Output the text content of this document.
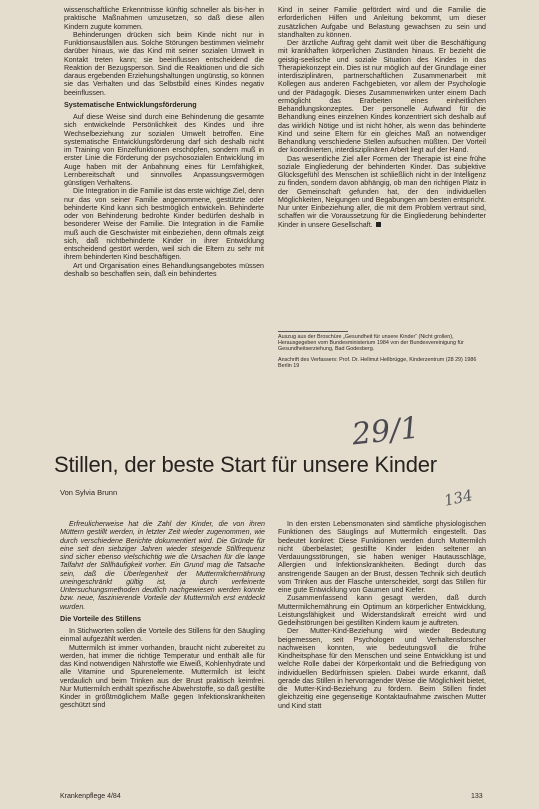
wissenschaftliche Erkenntnisse künftig schneller als bis-her in praktische Maßnahmen umzusetzen, so daß diese allen Kindern zugute kommen.

Behinderungen drücken sich beim Kinde nicht nur in Funktionsausfällen aus. Solche Störungen bestimmen vielmehr darüber hinaus, wie das Kind mit seiner sozialen Umwelt in Kontakt treten kann; sie beeinflussen entscheidend die Reaktion der Bezugsperson. Sind die Reaktionen und die sich daraus ergebenden Erziehungshaltungen ungünstig, so können sie das Verhalten und das Selbstbild eines Kindes negativ beeinflussen.

Systematische Entwicklungsförderung

Auf diese Weise sind durch eine Behinderung die gesamte sich entwickelnde Persönlichkeit des Kindes und ihre Wechselbeziehung zur sozialen Umwelt betroffen. Eine systematische Entwicklungsförderung darf sich deshalb nicht im Training von Einzelfunktionen erschöpfen, sondern muß in erster Linie die Förderung der psychosozialen Entwicklung im Auge haben mit der Anbahnung eines für Lernfähigkeit, Lernbereitschaft und sinnvolles Anpassungsvermögen günstigen Verhaltens.

Die Integration in die Familie ist das erste wichtige Ziel, denn nur das von seiner Familie angenommene, gestützte oder behinderte Kind kann sich bestmöglich entwickeln. Behinderte oder von Behinderung bedrohte Kinder bedürfen deshalb in besonderer Weise der Familie. Die Integration in die Familie muß auch die Geschwister mit einbeziehen, denn oftmals zeigt sich, daß nichtbehinderte Kinder in ihrer Entwicklung entscheidend gestört werden, weil sich die Eltern zu sehr mit ihrem behinderten Kind beschäftigen.

Art und Organisation eines Behandlungsangebotes müssen deshalb so beschaffen sein, daß ein behindertes

Kind in seiner Familie gefördert wird und die Familie die erforderlichen Hilfen und Anleitung bekommt, um dieser zusätzlichen Aufgabe und Belastung gewachsen zu sein und standhalten zu können.

Der ärztliche Auftrag geht damit weit über die Beschäftigung mit krankhaften körperlichen Zuständen hinaus. Er bezieht die geistig-seelische und soziale Situation des Kindes in das Therapiekonzept ein. Dies ist nur möglich auf der Grundlage einer interdisziplinären, partnerschaftlichen Zusammenarbeit mit Kollegen aus anderen Fachgebieten, vor allem der Psychologie und der Pädagogik. Dieses Zusammenwirken unter einem Dach ermöglicht das Erarbeiten eines einheitlichen Behandlungskonzeptes. Der personelle Aufwand für die Behandlung eines einzelnen Kindes konzentriert sich deshalb auf das wirklich Nötige und ist nicht höher, als wenn das behinderte Kind und seine Eltern für ein gleiches Maß an notwendiger Behandlung verschiedene Stellen aufsuchen müßten. Der Vorteil der koordinierten, interdisziplinären Arbeit liegt auf der Hand.

Das wesentliche Ziel aller Formen der Therapie ist eine frühe soziale Eingliederung der behinderten Kinder. Das subjektive Glücksgefühl des Menschen ist schließlich nicht in der Intelligenz zu finden, sondern davon abhängig, ob man den richtigen Platz in der Gemeinschaft gefunden hat, der den individuellen Möglichkeiten, Neigungen und Begabungen am besten entspricht. Nur unter Einbeziehung aller, die mit dem Problem vertraut sind, schaffen wir die Voraussetzung für die Eingliederung behinderter Kinder in unsere Gesellschaft.

Auszug aus der Broschüre „Gesundheit für unsere Kinder“ (Nicht grollen), Herausgegeben vom Bundesministerium 1984 von der Bundesvereinigung für Gesundheitserziehung, Bad Godesberg.

Anschrift des Verfassers: Prof. Dr. Hellmut Hellbrügge, Kinderzentrum (28 29) 1986 Berlin 19

29/1
134
Stillen, der beste Start für unsere Kinder
Von Sylvia Brunn

Erfreulicherweise hat die Zahl der Kinder, die von ihren Müttern gestillt werden, in letzter Zeit wieder zugenommen, wie durch verschiedene Berichte dokumentiert wird. Die Gründe für eine seit den siebziger Jahren wieder steigende Stillfrequenz sind sicher ebenso vielschichtig wie die Ursachen für die lange Talfahrt der Stillhäufigkeit vorher. Ein Grund mag die Tatsache sein, daß die Überlegenheit der Muttermilchernährung uneingeschränkt gültig ist, ja durch verfeinerte Untersuchungsmethoden deutlich nachgewiesen werden konnte bzw. neue, faszinierende Vorteile der Muttermilch erst entdeckt wurden.

Die Vorteile des Stillens

In Stichworten sollen die Vorteile des Stillens für den Säugling einmal aufgezählt werden.

Muttermilch ist immer vorhanden, braucht nicht zubereitet zu werden, hat immer die richtige Temperatur und enthält alle für das Kind notwendigen Nährstoffe wie Eiweiß, Kohlenhydrate und alle Vitamine und Spurenelemente. Muttermilch ist leicht verdaulich und beim Trinken aus der Brust praktisch keimfrei. Nur Muttermilch enthält spezifische Abwehrstoffe, so daß gestillte Kinder in größtmöglichem Maße gegen Infektionskrankheiten geschützt sind

In den ersten Lebensmonaten sind sämtliche physiologischen Funktionen des Säuglings auf Muttermilch eingestellt. Das bedeutet konkret: Diese Funktionen werden durch Muttermilch nicht überbelastet; gestillte Kinder leiden seltener an Verdauungsstörungen, sie haben weniger Hautausschläge, Allergien und Infektionskrankheiten. Bedingt durch das anstrengende Saugen an der Brust, dessen Technik sich deutlich vom Trinken aus der Flasche unterscheidet, sorgt das Stillen für eine gute Entwicklung von Gaumen und Kiefer.

Zusammenfassend kann gesagt werden, daß durch Muttermilchernährung ein Optimum an körperlicher Entwicklung, Leistungsfähigkeit und Widerstandskraft erreicht wird und Gedeihstörungen bei gestillten Kindern kaum je auftreten.

Der Mutter-Kind-Beziehung wird wieder Bedeutung beigemessen, seit Psychologen und Verhaltensforscher nachweisen konnten, wie bedeutungsvoll die frühe Kindheitsphase für den Menschen und seine Entwicklung ist und welche Rolle dabei der Körperkontakt und die Befriedigung von individuellen Bedürfnissen spielen. Dabei wurde erkannt, daß gerade das Stillen in hervorragender Weise die Möglichkeit bietet, die Mutter-Kind-Beziehung zu fördern. Beim Stillen findet gleichzeitig eine gegenseitige Kontaktaufnahme zwischen Mutter und Kind statt

Krankenpflege 4/84	133
